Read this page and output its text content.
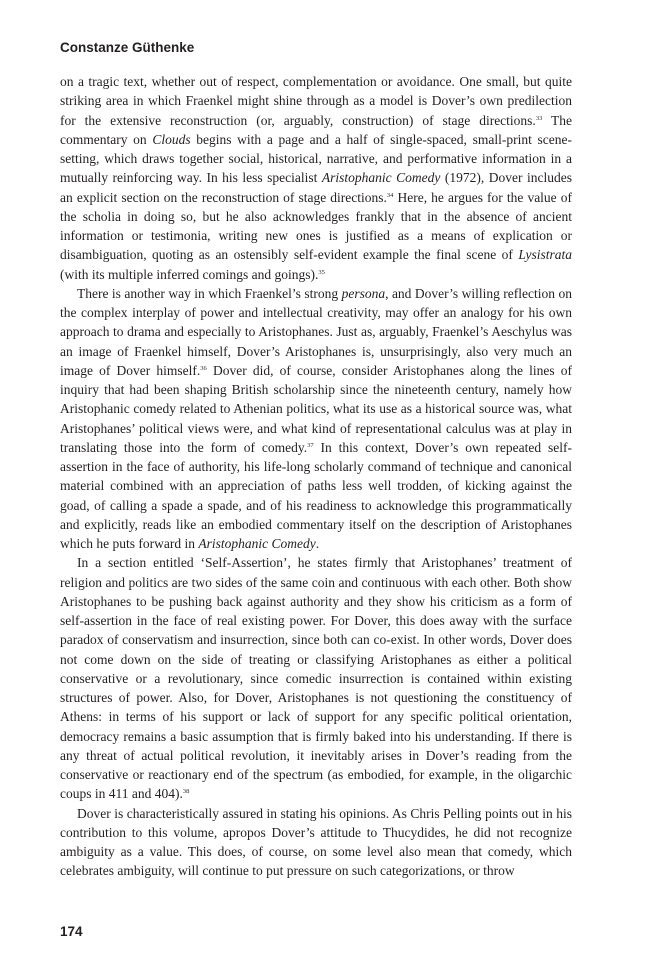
Constanze Güthenke

on a tragic text, whether out of respect, complementation or avoidance. One small, but quite striking area in which Fraenkel might shine through as a model is Dover’s own predilection for the extensive reconstruction (or, arguably, construction) of stage directions.$^{33}$ The commentary on Clouds begins with a page and a half of single-spaced, small-print scene-setting, which draws together social, historical, narrative, and performative information in a mutually reinforcing way. In his less specialist Aristophanic Comedy (1972), Dover includes an explicit section on the reconstruction of stage directions.$^{34}$ Here, he argues for the value of the scholia in doing so, but he also acknowledges frankly that in the absence of ancient information or testimonia, writing new ones is justified as a means of explication or disambiguation, quoting as an ostensibly self-evident example the final scene of Lysistrata (with its multiple inferred comings and goings).$^{35}$

There is another way in which Fraenkel’s strong persona, and Dover’s willing reflection on the complex interplay of power and intellectual creativity, may offer an analogy for his own approach to drama and especially to Aristophanes. Just as, arguably, Fraenkel’s Aeschylus was an image of Fraenkel himself, Dover’s Aristophanes is, unsurprisingly, also very much an image of Dover himself.$^{36}$ Dover did, of course, consider Aristophanes along the lines of inquiry that had been shaping British scholarship since the nineteenth century, namely how Aristophanic comedy related to Athenian politics, what its use as a historical source was, what Aristophanes’ political views were, and what kind of representational calculus was at play in translating those into the form of comedy.$^{37}$ In this context, Dover’s own repeated self-assertion in the face of authority, his life-long scholarly command of technique and canonical material combined with an appreciation of paths less well trodden, of kicking against the goad, of calling a spade a spade, and of his readiness to acknowledge this programmatically and explicitly, reads like an embodied commentary itself on the description of Aristophanes which he puts forward in Aristophanic Comedy.

In a section entitled ‘Self-Assertion’, he states firmly that Aristophanes’ treatment of religion and politics are two sides of the same coin and continuous with each other. Both show Aristophanes to be pushing back against authority and they show his criticism as a form of self-assertion in the face of real existing power. For Dover, this does away with the surface paradox of conservatism and insurrection, since both can co-exist. In other words, Dover does not come down on the side of treating or classifying Aristophanes as either a political conservative or a revolutionary, since comedic insurrection is contained within existing structures of power. Also, for Dover, Aristophanes is not questioning the constituency of Athens: in terms of his support or lack of support for any specific political orientation, democracy remains a basic assumption that is firmly baked into his understanding. If there is any threat of actual political revolution, it inevitably arises in Dover’s reading from the conservative or reactionary end of the spectrum (as embodied, for example, in the oligarchic coups in 411 and 404).$^{38}$

Dover is characteristically assured in stating his opinions. As Chris Pelling points out in his contribution to this volume, apropos Dover’s attitude to Thucydides, he did not recognize ambiguity as a value. This does, of course, on some level also mean that comedy, which celebrates ambiguity, will continue to put pressure on such categorizations, or throw

174
